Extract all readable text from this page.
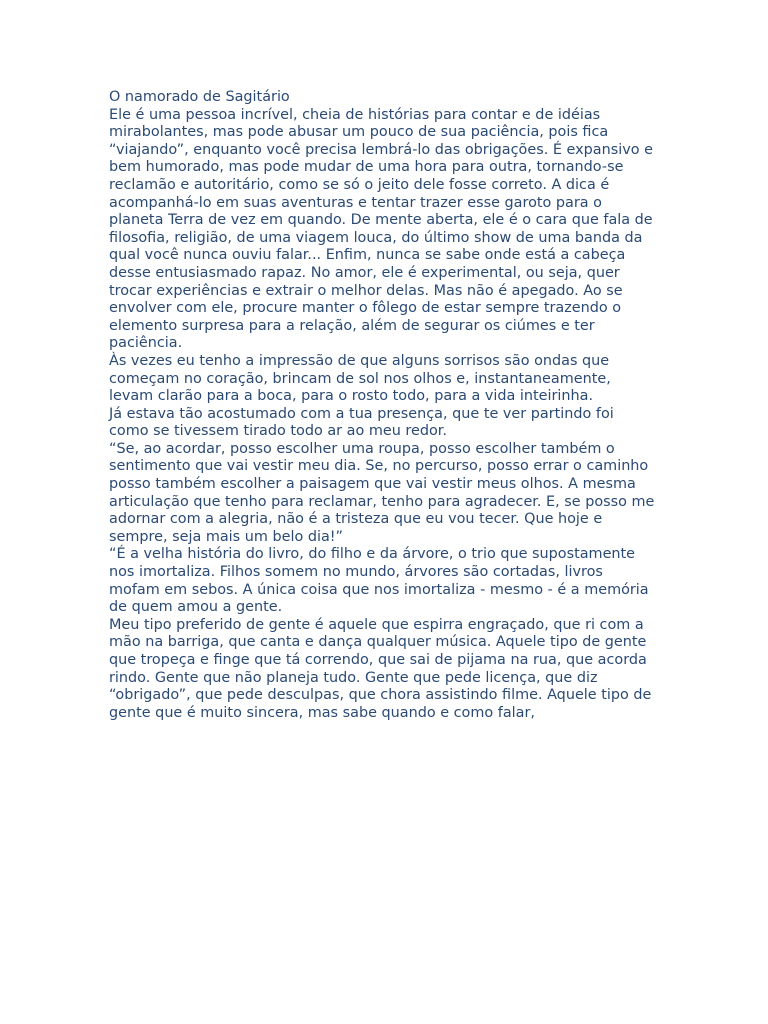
O namorado de Sagitário

Ele é uma pessoa incrível, cheia de histórias para contar e de idéias mirabolantes, mas pode abusar um pouco de sua paciência, pois fica “viajando”, enquanto você precisa lembrá-lo das obrigações. É expansivo e bem humorado, mas pode mudar de uma hora para outra, tornando-se reclamão e autoritário, como se só o jeito dele fosse correto. A dica é acompanhá-lo em suas aventuras e tentar trazer esse garoto para o planeta Terra de vez em quando. De mente aberta, ele é o cara que fala de filosofia, religião, de uma viagem louca, do último show de uma banda da qual você nunca ouviu falar... Enfim, nunca se sabe onde está a cabeça desse entusiasmado rapaz. No amor, ele é experimental, ou seja, quer trocar experiências e extrair o melhor delas. Mas não é apegado. Ao se envolver com ele, procure manter o fôlego de estar sempre trazendo o elemento surpresa para a relação, além de segurar os ciúmes e ter paciência.

Às vezes eu tenho a impressão de que alguns sorrisos são ondas que começam no coração, brincam de sol nos olhos e, instantaneamente, levam clarão para a boca, para o rosto todo, para a vida inteirinha.

Já estava tão acostumado com a tua presença, que te ver partindo foi como se tivessem tirado todo ar ao meu redor.

“Se, ao acordar, posso escolher uma roupa, posso escolher também o sentimento que vai vestir meu dia. Se, no percurso, posso errar o caminho posso também escolher a paisagem que vai vestir meus olhos. A mesma articulação que tenho para reclamar, tenho para agradecer. E, se posso me adornar com a alegria, não é a tristeza que eu vou tecer. Que hoje e sempre, seja mais um belo dia!”

“É a velha história do livro, do filho e da árvore, o trio que supostamente nos imortaliza. Filhos somem no mundo, árvores são cortadas, livros mofam em sebos. A única coisa que nos imortaliza - mesmo - é a memória de quem amou a gente.

Meu tipo preferido de gente é aquele que espirra engraçado, que ri com a mão na barriga, que canta e dança qualquer música. Aquele tipo de gente que tropeça e finge que tá correndo, que sai de pijama na rua, que acorda rindo. Gente que não planeja tudo. Gente que pede licença, que diz “obrigado”, que pede desculpas, que chora assistindo filme. Aquele tipo de gente que é muito sincera, mas sabe quando e como falar,
